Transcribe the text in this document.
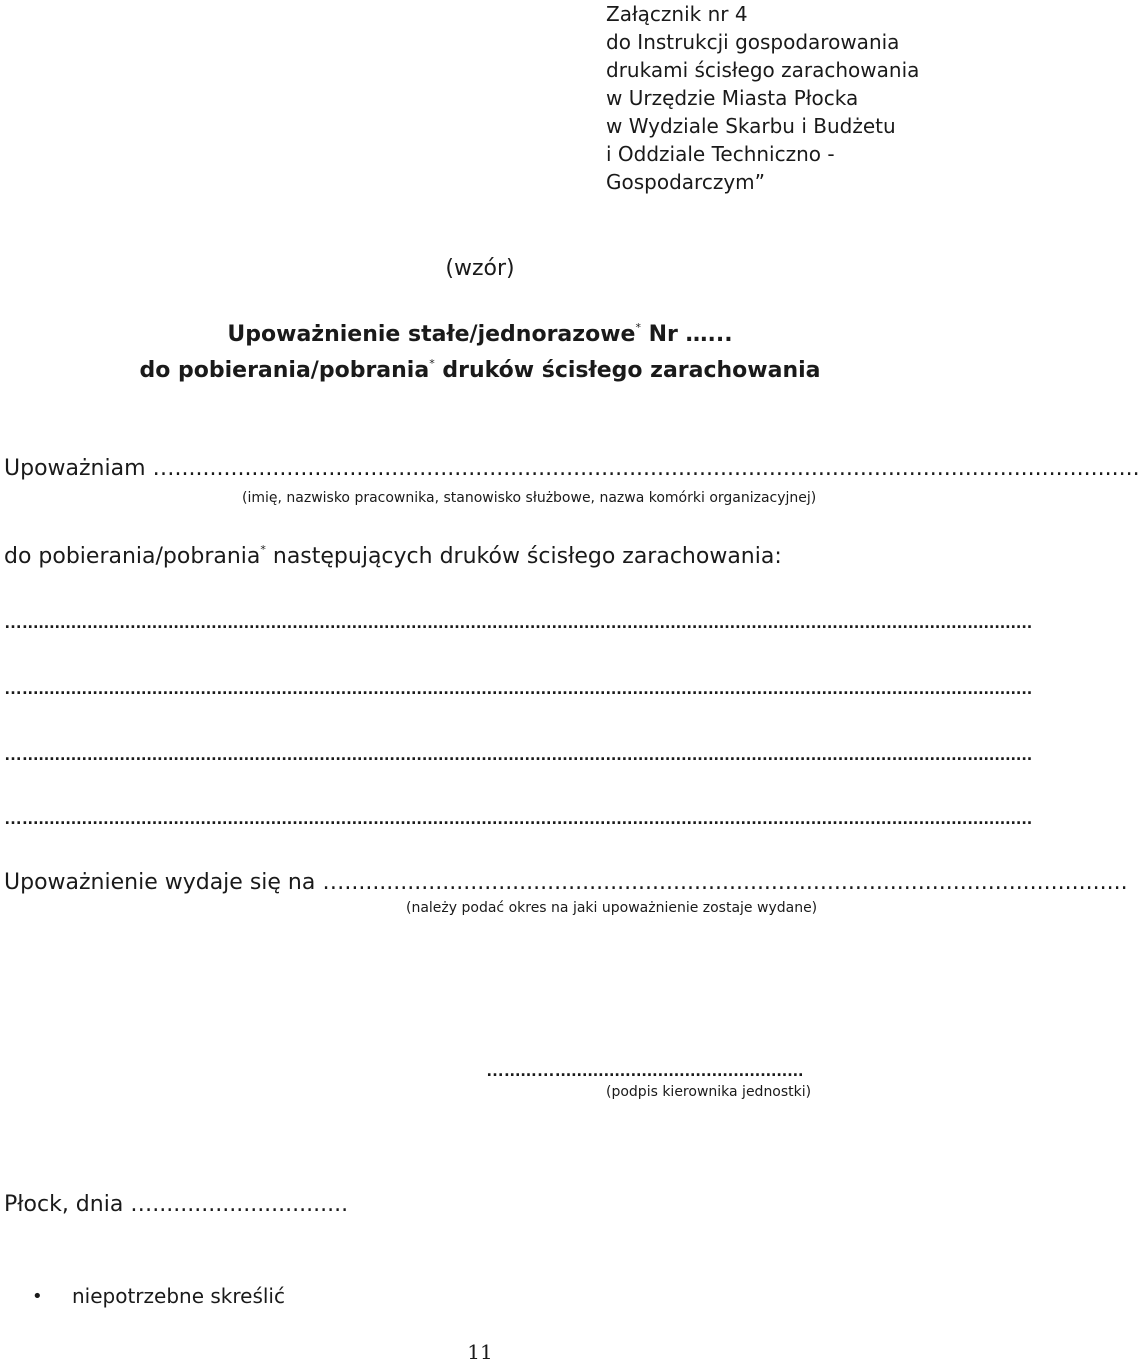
Załącznik nr 4
do Instrukcji gospodarowania
drukami ścisłego zarachowania
w Urzędzie Miasta Płocka
w Wydziale Skarbu i Budżetu
i Oddziale Techniczno -
Gospodarczym”
(wzór)
Upoważnienie stałe/jednorazowe* Nr …...
do pobierania/pobrania* druków ścisłego zarachowania
Upoważniam …..........................................................................................................................................
(imię, nazwisko pracownika, stanowisko służbowe, nazwa komórki organizacyjnej)
do pobierania/pobrania* następujących druków ścisłego zarachowania:
…...........................................................................................................................................................................................
…...........................................................................................................................................................................................
…...........................................................................................................................................................................................
…...........................................................................................................................................................................................
Upoważnienie wydaje się na …................................................................................................................
(należy podać okres na jaki upoważnienie zostaje wydane)
…......…..............................................
(podpis kierownika jednostki)
Płock, dnia …............................
• niepotrzebne skreślić
11
